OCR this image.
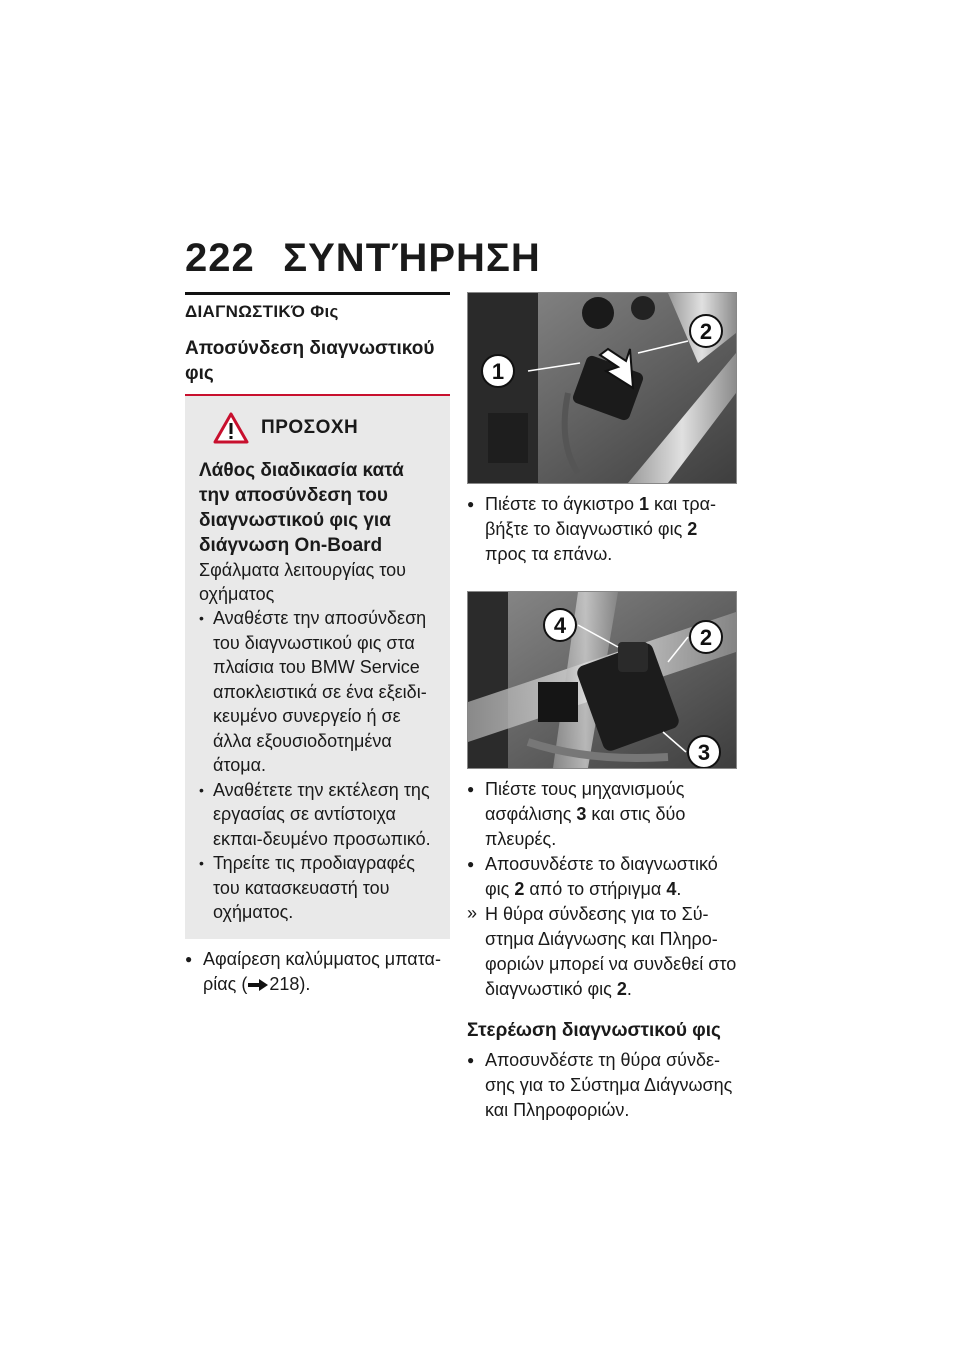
222 ΣΥΝΤΉΡΗΣΗ
ΔΙΑΓΝΩΣΤΙΚΌ Φις
Αποσύνδεση διαγνωστικού φις
ΠΡΟΣΟΧΗ
Λάθος διαδικασία κατά την αποσύνδεση του διαγνωστικού φις για διάγνωση On-Board
Σφάλματα λειτουργίας του οχήματος
• Αναθέστε την αποσύνδεση του διαγνωστικού φις στα πλαίσια του BMW Service αποκλειστικά σε ένα εξειδι-κευμένο συνεργείο ή σε άλλα εξουσιοδοτημένα άτομα.
• Αναθέτετε την εκτέλεση της εργασίας σε αντίστοιχα εκπαι-δευμένο προσωπικό.
• Τηρείτε τις προδιαγραφές του κατασκευαστή του οχήματος.
● Αφαίρεση καλύμματος μπατα-ρίας ( 218).
1
2
● Πιέστε το άγκιστρο 1 και τρα-βήξτε το διαγνωστικό φις 2 προς τα επάνω.
4	2
3
● Πιέστε τους μηχανισμούς ασφάλισης 3 και στις δύο πλευρές.
● Αποσυνδέστε το διαγνωστικό φις 2 από το στήριγμα 4.
» Η θύρα σύνδεσης για το Σύ-στημα Διάγνωσης και Πληρο-φοριών μπορεί να συνδεθεί στο διαγνωστικό φις 2.
Στερέωση διαγνωστικού φις
● Αποσυνδέστε τη θύρα σύνδε-σης για το Σύστημα Διάγνωσης και Πληροφοριών.
